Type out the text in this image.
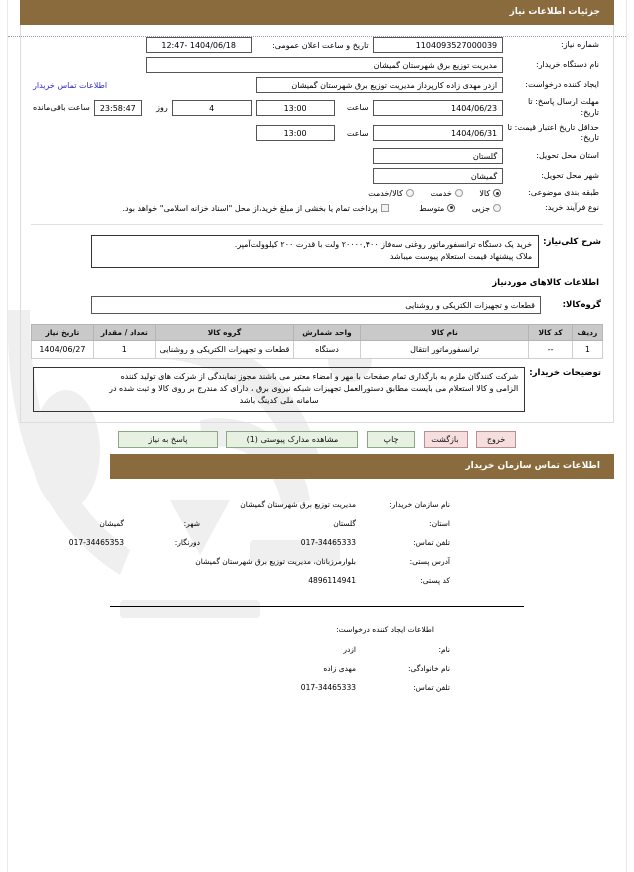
جزئیات اطلاعات نیاز
شماره نیاز:	
1104093527000039
	تاریخ و ساعت اعلان عمومی:	
1404/06/18 -12:47

نام دستگاه خریدار:	
مدیریت توزیع برق شهرستان گمیشان

ایجاد کننده درخواست:	
ازدر مهدی زاده کارپرداز مدیریت توزیع برق شهرستان گمیشان
	اطلاعات تماس خریدار
مهلت ارسال پاسخ: تا تاریخ:	
1404/06/23

ساعت	
13:00

4
	روز

23:58:47
	ساعت باقی‌مانده

حداقل تاریخ اعتبار قیمت: تا تاریخ:	
1404/06/31

ساعت	
13:00

استان محل تحویل:	
گلستان

شهر محل تحویل:	
گمیشان

طبقه بندی موضوعی:	کالا خدمت کالا/خدمت
نوع فرآیند خرید:	جزیی متوسط پرداخت تمام یا بخشی از مبلغ خرید،از محل "اسناد خزانه اسلامی" خواهد بود.
شرح کلی‌نیاز:	
خرید یک دستگاه ترانسفورماتور روغنی سه‌فاز ۲۰۰۰۰,۴۰۰ ولت با قدرت ۲۰۰ کیلوولت‌آمپر.
ملاک پیشنهاد قیمت استعلام پیوست میباشد
اطلاعات کالاهای موردنیاز
گروه‌کالا:	
قطعات و تجهیزات الکتریکی و روشنایی
ردیف	کد کالا	نام کالا	واحد شمارش	گروه کالا	تعداد / مقدار	تاریخ نیاز
1	--	ترانسفورماتور انتقال	دستگاه	قطعات و تجهیزات الکتریکی و روشنایی	1	1404/06/27
توضیحات خریدار:	
شرکت کنندگان ملزم به بارگذاری تمام صفحات با مهر و امضاء معتبر می باشند مجوز نمایندگی از شرکت های تولید کننده
الزامی و کالا استعلام می بایست مطابق دستورالعمل تجهیزات شبکه نیروی برق ، دارای کد مندرج بر روی کالا و ثبت شده در
سامانه ملی کدینگ باشد
خروج بازگشت چاپ مشاهده مدارک پیوستی (1) پاسخ به نیاز
اطلاعات تماس سازمان خریدار
	نام سازمان خریدار:	مدیریت توزیع برق شهرستان گمیشان		
	استان:	گلستان	شهر:	گمیشان
	تلفن تماس:	017-34465333	دورنگار:	017-34465353
	آدرس پستی:	بلوارمرزبانان، مدیریت توزیع برق شهرستان گمیشان		
	کد پستی:	4896114941		
اطلاعات ایجاد کننده درخواست:
	نام:	ازدر	
	نام خانوادگی:	مهدی زاده	
	تلفن تماس:	017-34465333	
